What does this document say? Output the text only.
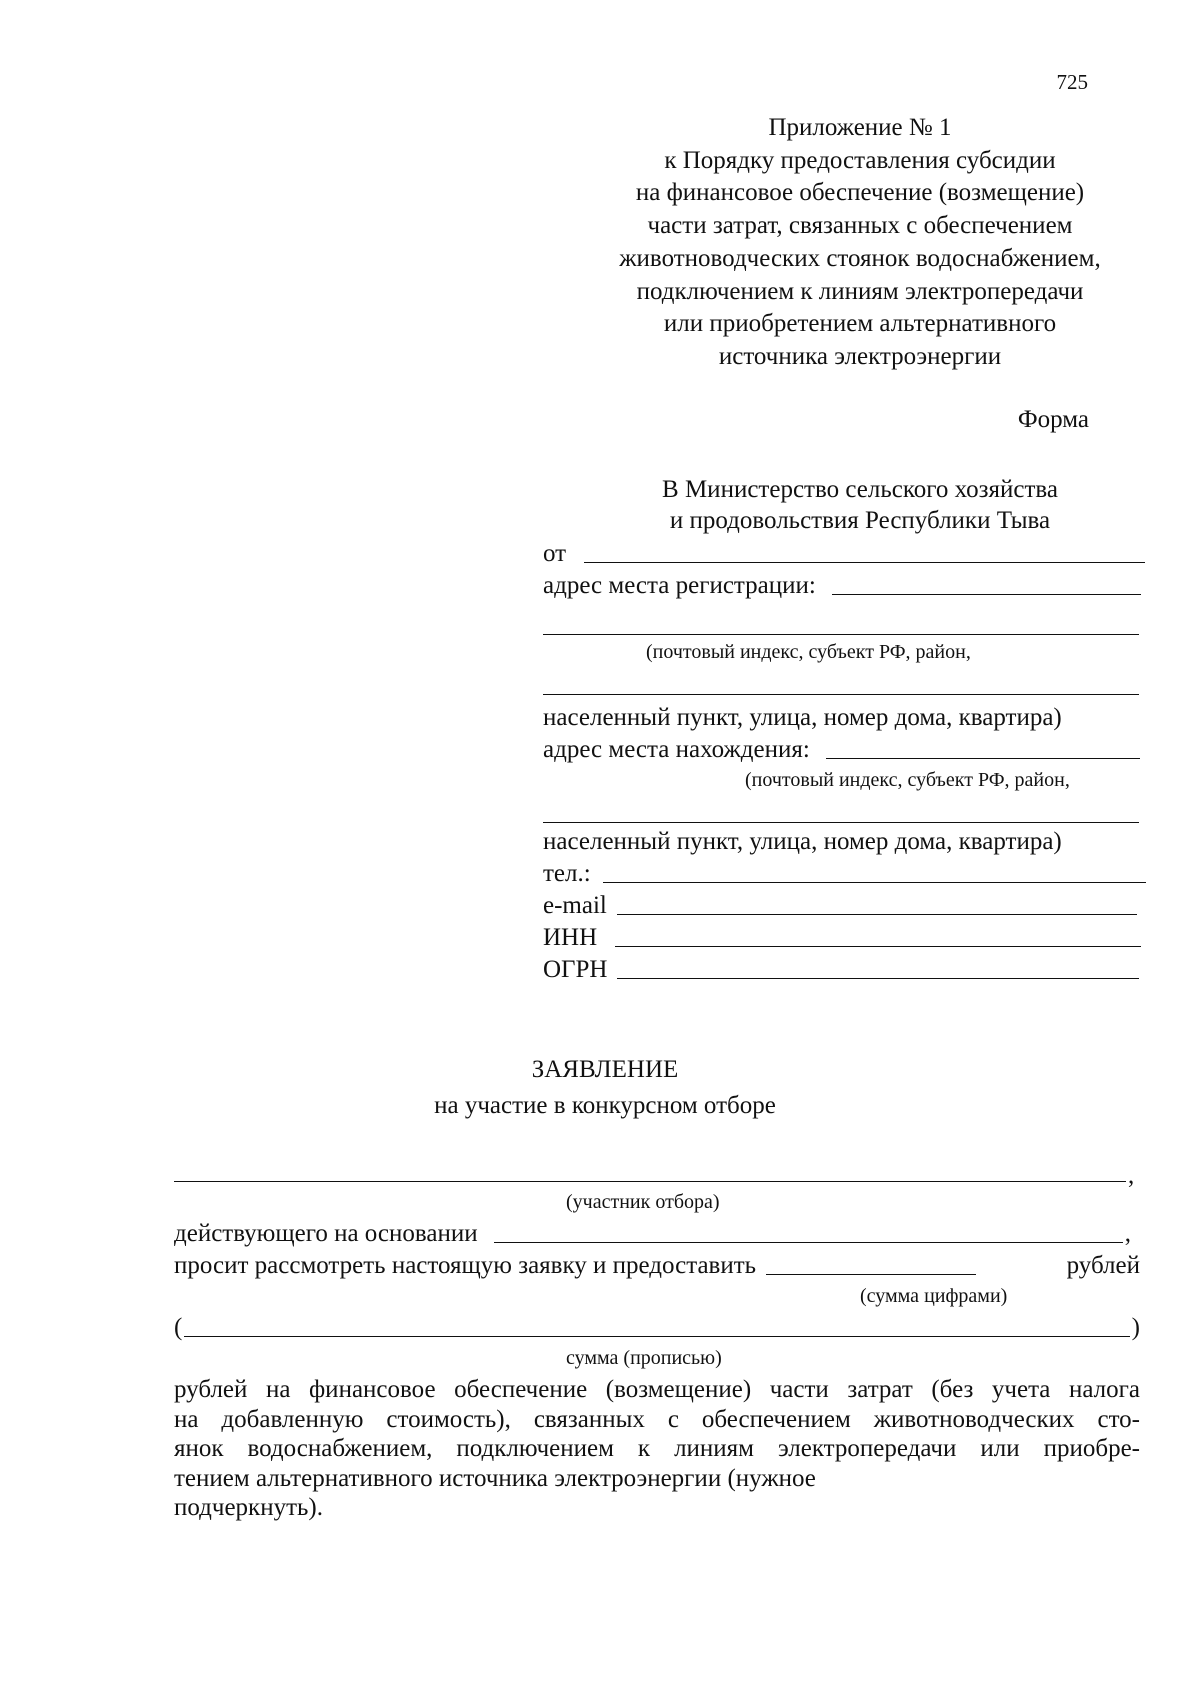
725
Приложение № 1
к Порядку предоставления субсидии
на финансовое обеспечение (возмещение)
части затрат, связанных с обеспечением
животноводческих стоянок водоснабжением,
подключением к линиям электропередачи
или приобретением альтернативного
источника электроэнергии
Форма
В Министерство сельского хозяйства
и продовольствия Республики Тыва
от
адрес места регистрации:
(почтовый индекс, субъект РФ, район,
населенный пункт, улица, номер дома, квартира)
адрес места нахождения:
(почтовый индекс, субъект РФ, район,
населенный пункт, улица, номер дома, квартира)
тел.:
e-mail
ИНН
ОГРН
ЗАЯВЛЕНИЕ
на участие в конкурсном отборе
,
(участник отбора)
действующего на основании	,
просит рассмотреть настоящую заявку и предоставить	рублей
(сумма цифрами)
(	)
сумма (прописью)
рублей на финансовое обеспечение (возмещение) части затрат (без учета налога
на добавленную стоимость), связанных с обеспечением животноводческих сто-
янок водоснабжением, подключением к линиям электропередачи или приобре-
тением альтернативного источника электроэнергии (нужное
подчеркнуть).
